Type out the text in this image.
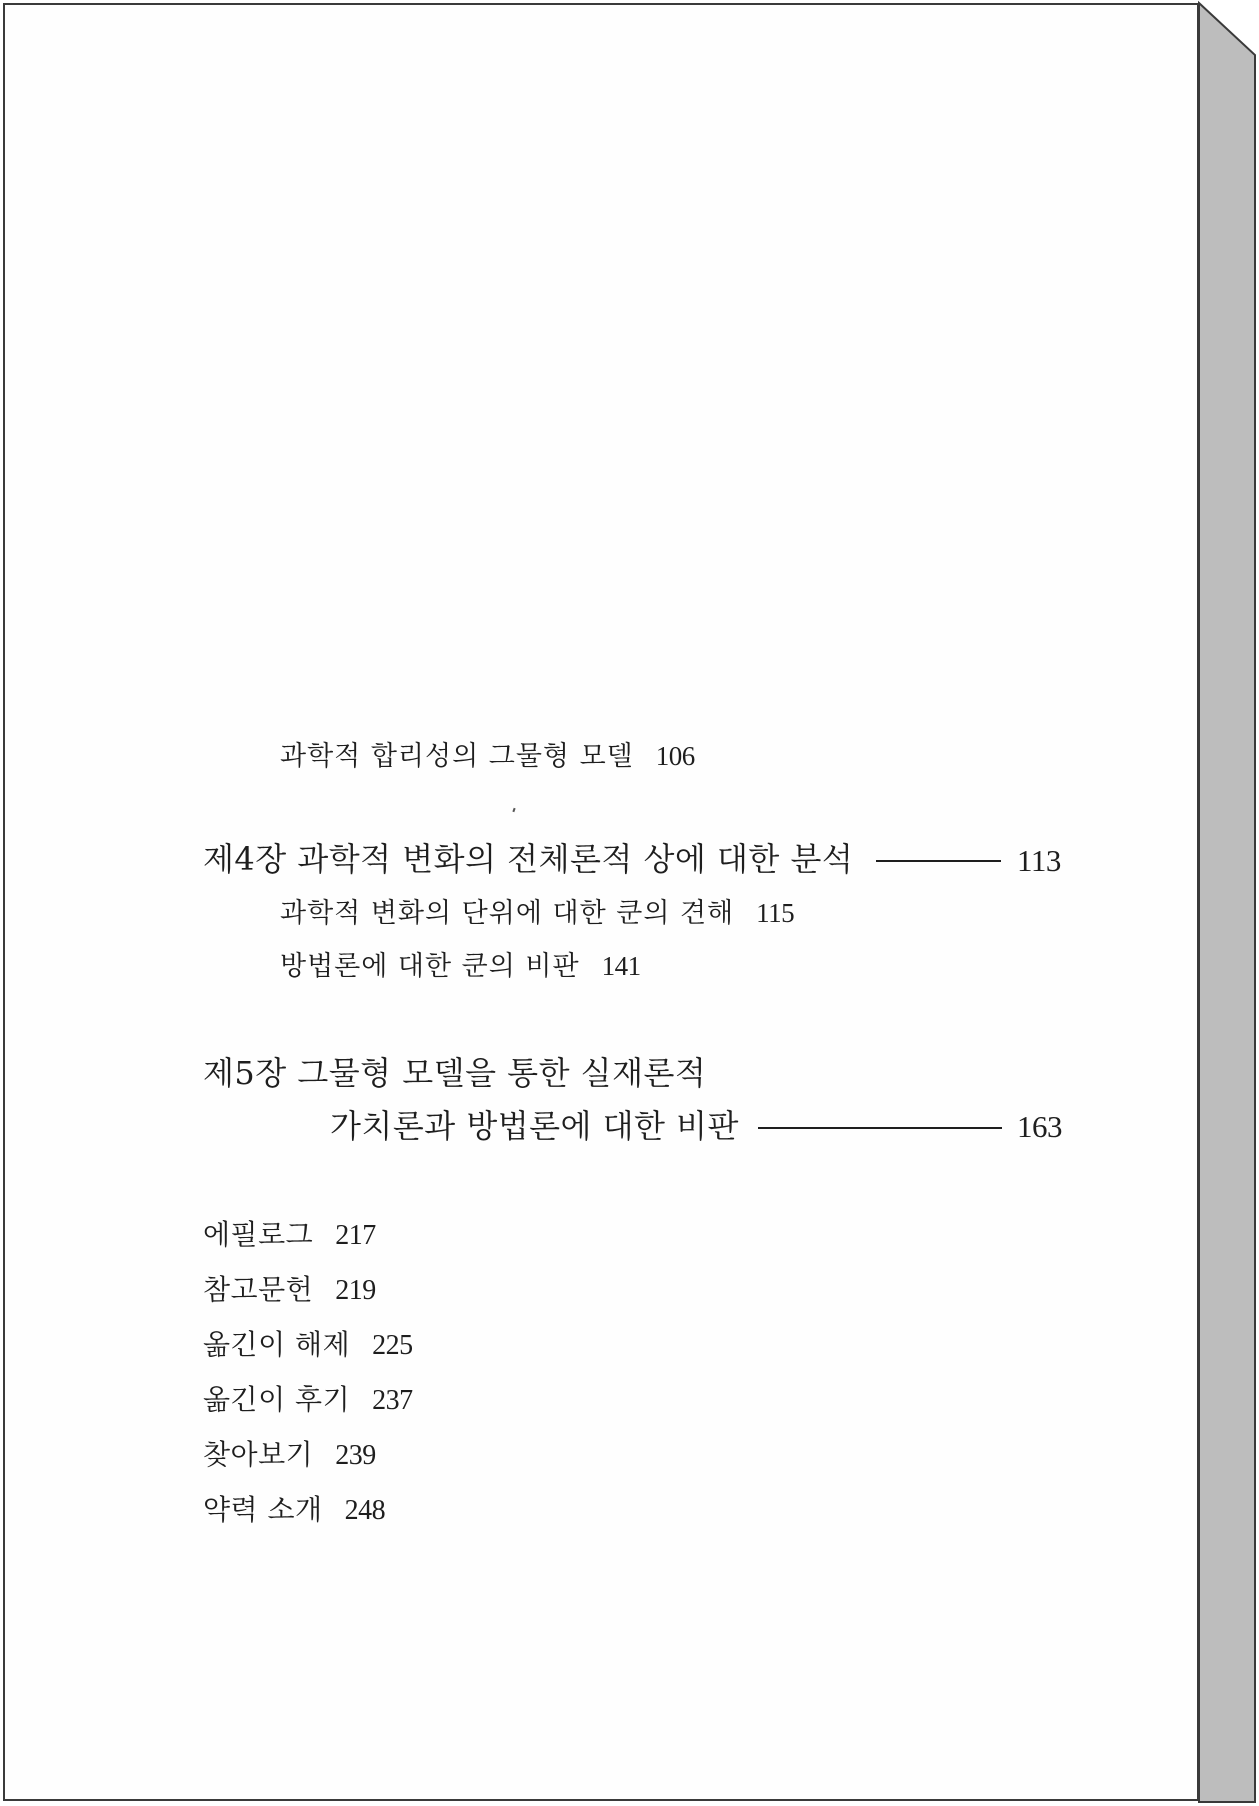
과학적 합리성의 그물형 모델 106
제4장 과학적 변화의 전체론적 상에 대한 분석	113
과학적 변화의 단위에 대한 쿤의 견해 115
방법론에 대한 쿤의 비판 141
제5장 그물형 모델을 통한 실재론적
가치론과 방법론에 대한 비판	163
에필로그 217
참고문헌 219
옮긴이 해제 225
옮긴이 후기 237
찾아보기 239
약력 소개 248
